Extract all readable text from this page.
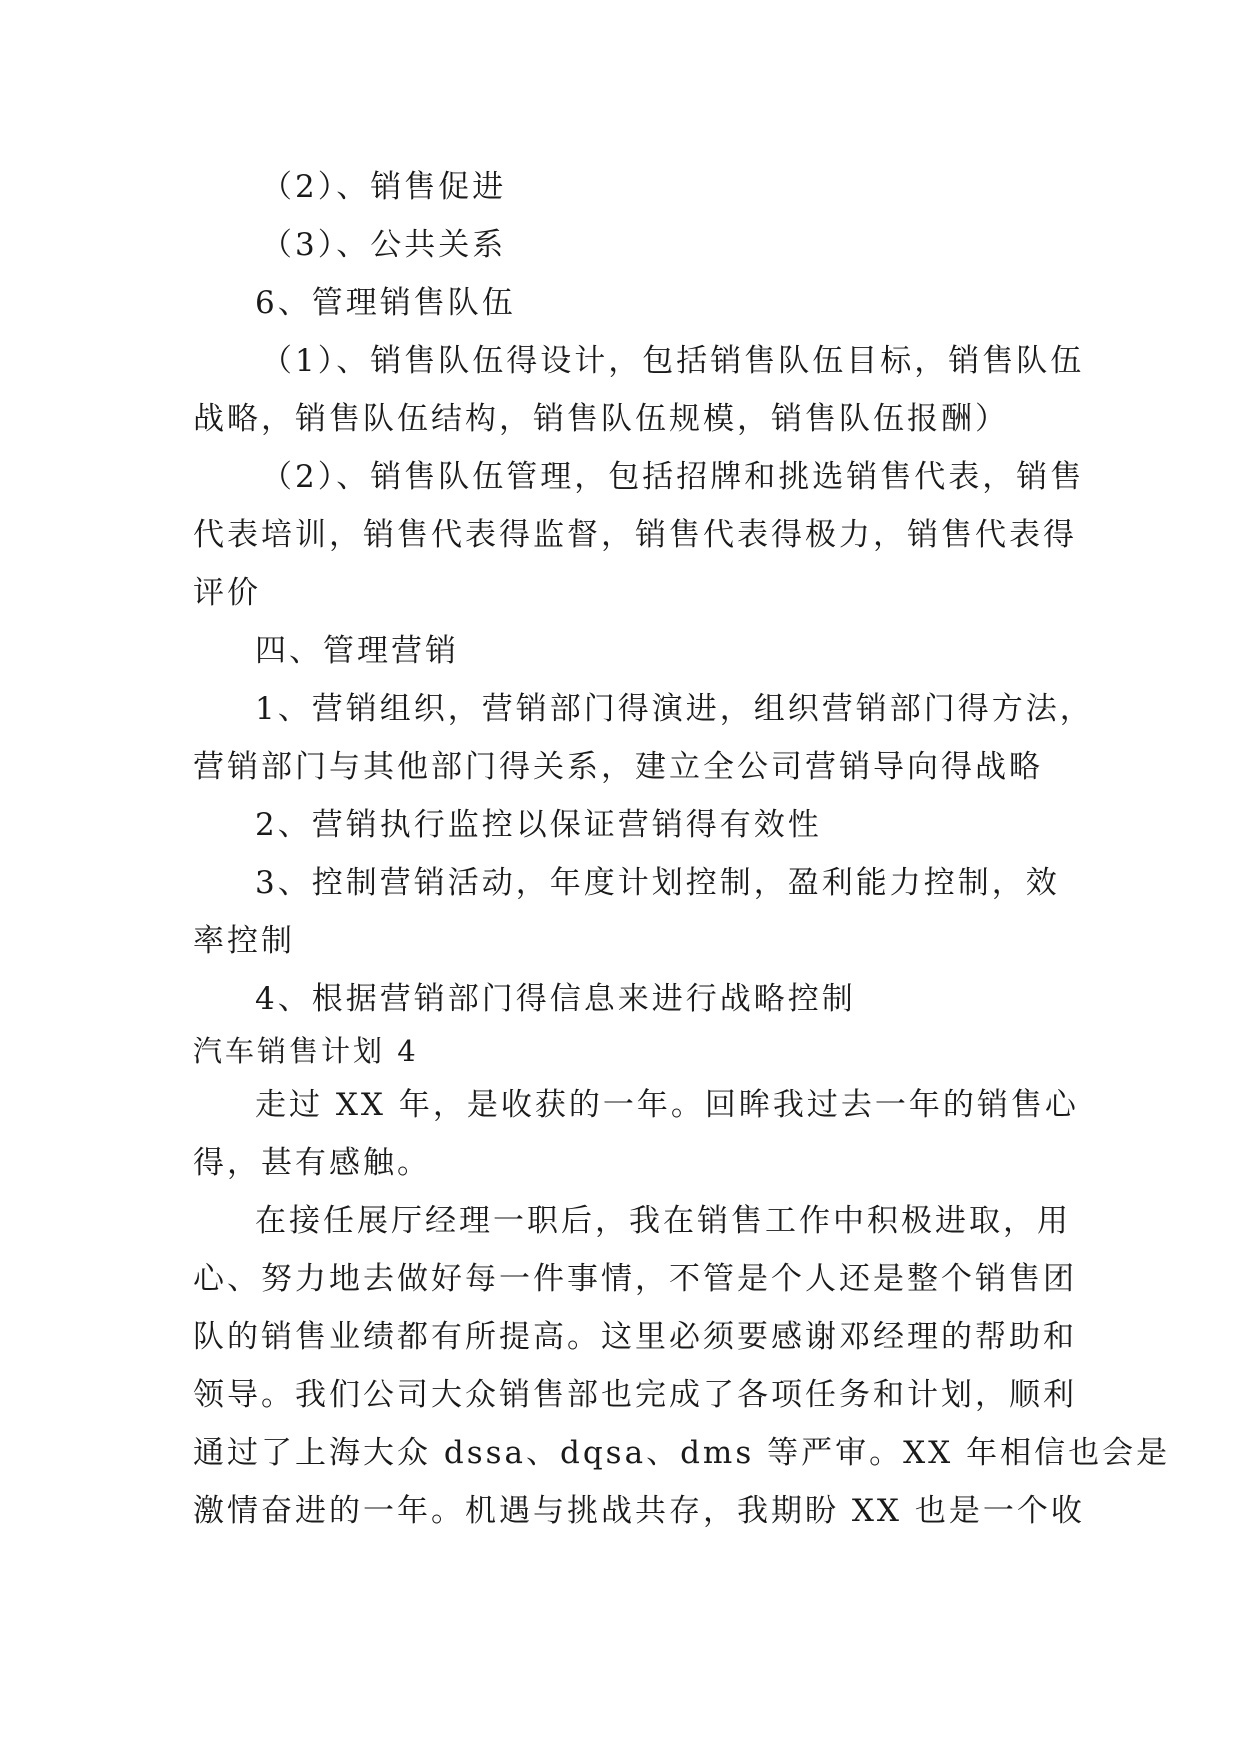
（2）、销售促进
（3）、公共关系
6、管理销售队伍
（1）、销售队伍得设计，包括销售队伍目标，销售队伍
战略，销售队伍结构，销售队伍规模，销售队伍报酬）
（2）、销售队伍管理，包括招牌和挑选销售代表，销售
代表培训，销售代表得监督，销售代表得极力，销售代表得
评价
四、管理营销
1、营销组织，营销部门得演进，组织营销部门得方法，
营销部门与其他部门得关系，建立全公司营销导向得战略
2、营销执行监控以保证营销得有效性
3、控制营销活动，年度计划控制，盈利能力控制，效
率控制
4、根据营销部门得信息来进行战略控制
汽车销售计划 4
走过 XX 年，是收获的一年。回眸我过去一年的销售心
得，甚有感触。
在接任展厅经理一职后，我在销售工作中积极进取，用
心、努力地去做好每一件事情，不管是个人还是整个销售团
队的销售业绩都有所提高。这里必须要感谢邓经理的帮助和
领导。我们公司大众销售部也完成了各项任务和计划，顺利
通过了上海大众 dssa、dqsa、dms 等严审。XX 年相信也会是
激情奋进的一年。机遇与挑战共存，我期盼 XX 也是一个收
